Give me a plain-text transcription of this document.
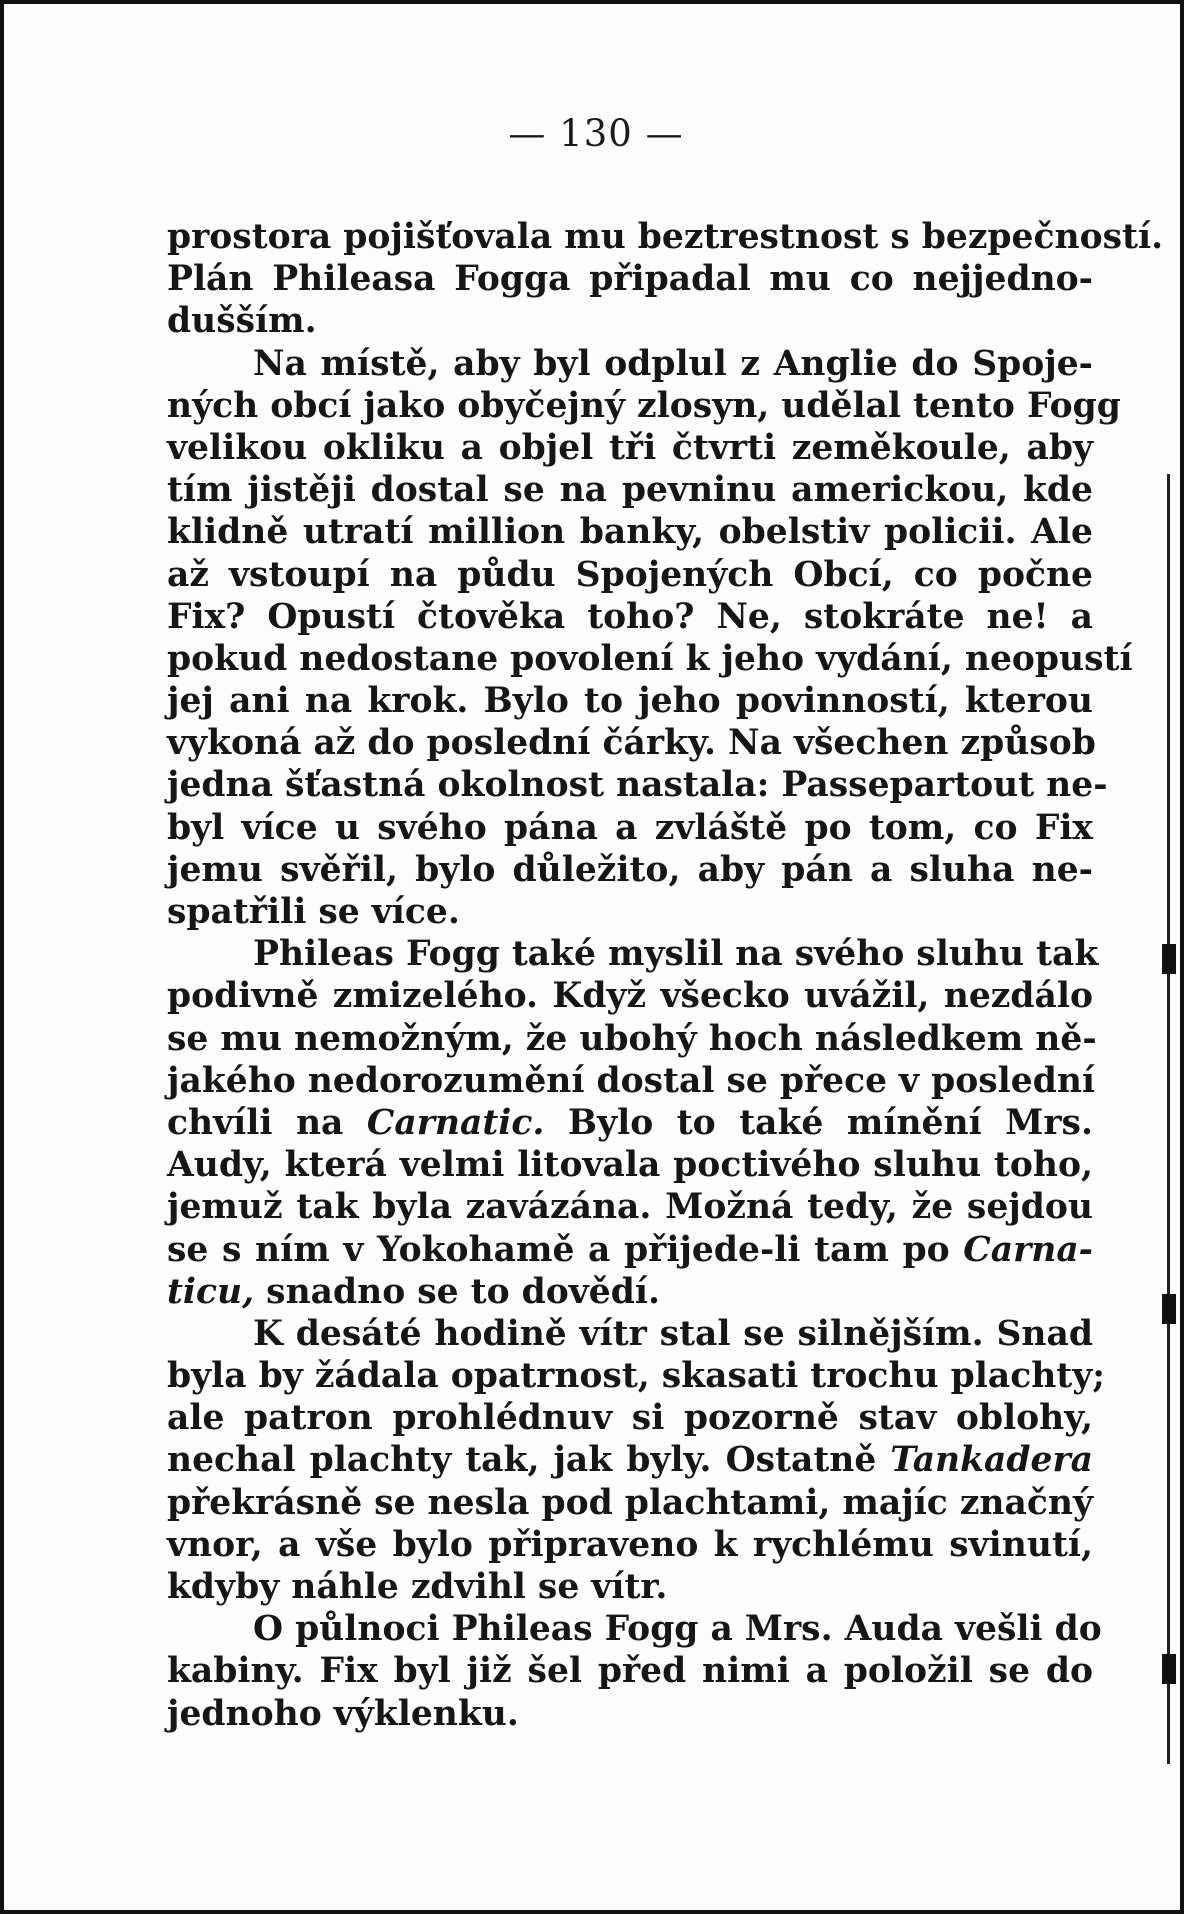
— 130 —
prostora pojišťovala mu beztrestnost s bezpečností.
Plán Phileasa Fogga připadal mu co nejjedno-
dušším.
Na místě, aby byl odplul z Anglie do Spoje-
ných obcí jako obyčejný zlosyn, udělal tento Fogg
velikou okliku a objel tři čtvrti zeměkoule, aby
tím jistěji dostal se na pevninu americkou, kde
klidně utratí million banky, obelstiv policii. Ale
až vstoupí na půdu Spojených Obcí, co počne
Fix? Opustí čtověka toho? Ne, stokráte ne! a
pokud nedostane povolení k jeho vydání, neopustí
jej ani na krok. Bylo to jeho povinností, kterou
vykoná až do poslední čárky. Na všechen způsob
jedna šťastná okolnost nastala: Passepartout ne-
byl více u svého pána a zvláště po tom, co Fix
jemu svěřil, bylo důležito, aby pán a sluha ne-
spatřili se více.
Phileas Fogg také myslil na svého sluhu tak
podivně zmizelého. Když všecko uvážil, nezdálo
se mu nemožným, že ubohý hoch následkem ně-
jakého nedorozumění dostal se přece v poslední
chvíli na Carnatic. Bylo to také mínění Mrs.
Audy, která velmi litovala poctivého sluhu toho,
jemuž tak byla zavázána. Možná tedy, že sejdou
se s ním v Yokohamě a přijede-li tam po Carna-
ticu, snadno se to dovědí.
K desáté hodině vítr stal se silnějším. Snad
byla by žádala opatrnost, skasati trochu plachty;
ale patron prohlédnuv si pozorně stav oblohy,
nechal plachty tak, jak byly. Ostatně Tankadera
překrásně se nesla pod plachtami, majíc značný
vnor, a vše bylo připraveno k rychlému svinutí,
kdyby náhle zdvihl se vítr.
O půlnoci Phileas Fogg a Mrs. Auda vešli do
kabiny. Fix byl již šel před nimi a položil se do
jednoho výklenku.
